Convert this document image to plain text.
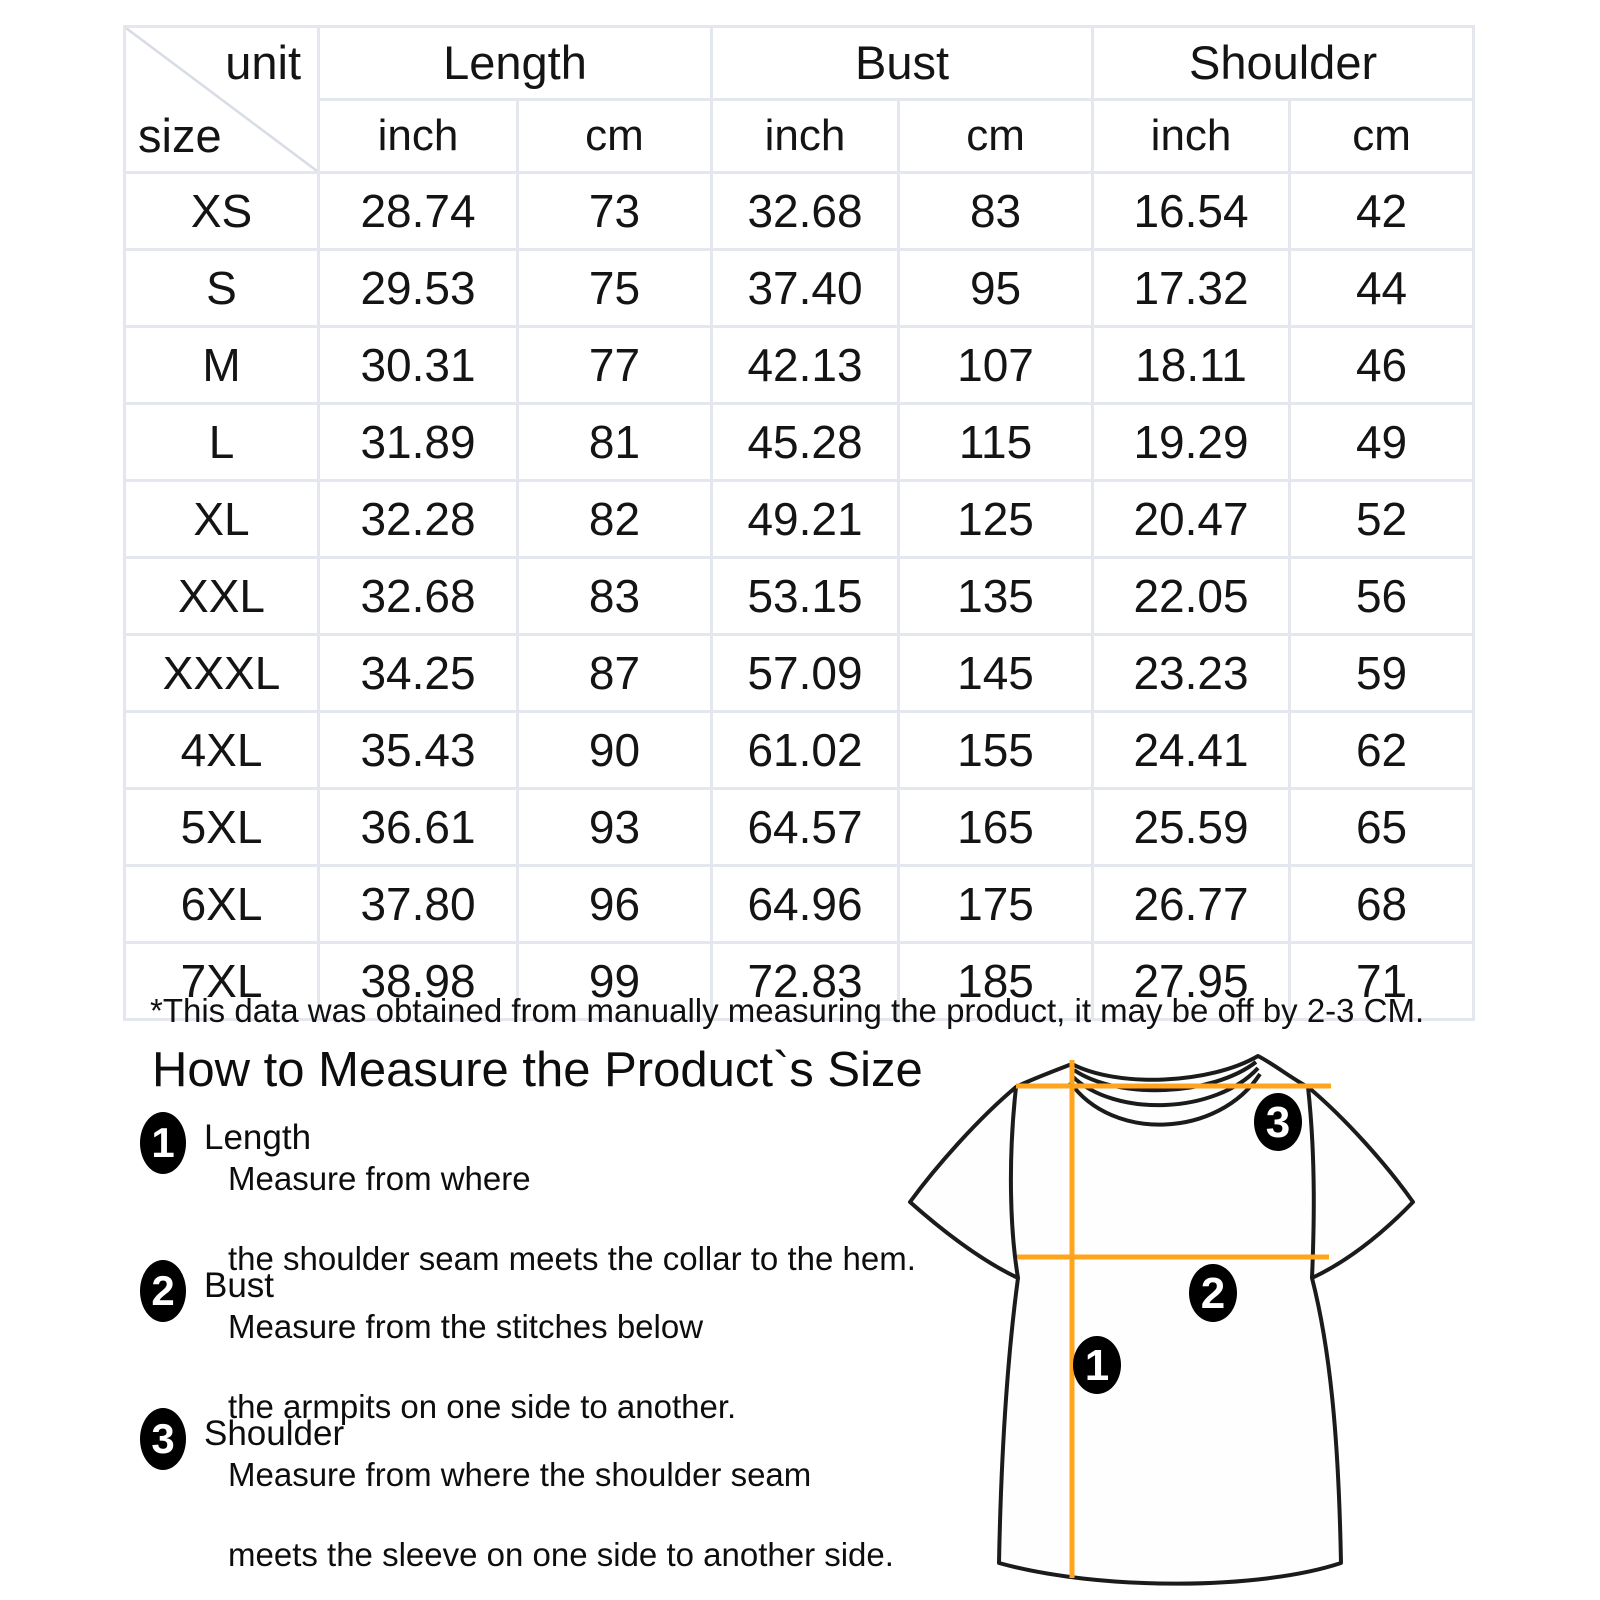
unit
size	Length		Bust		Shoulder	
	inch	cm	inch	cm	inch	cm
XS	28.74	73	32.68	83	16.54	42
S	29.53	75	37.40	95	17.32	44
M	30.31	77	42.13	107	18.11	46
L	31.89	81	45.28	115	19.29	49
XL	32.28	82	49.21	125	20.47	52
XXL	32.68	83	53.15	135	22.05	56
XXXL	34.25	87	57.09	145	23.23	59
4XL	35.43	90	61.02	155	24.41	62
5XL	36.61	93	64.57	165	25.59	65
6XL	37.80	96	64.96	175	26.77	68
7XL	38.98	99	72.83	185	27.95	71
*This data was obtained from manually measuring the product, it may be off by 2-3 CM.
How to Measure the Product`s Size
1 Length
Measure from where
the shoulder seam meets the collar to the hem.
2 Bust
Measure from the stitches below
the armpits on one side to another.
3 Shoulder
Measure from where the shoulder seam
meets the sleeve on one side to another side.
3
2
1
